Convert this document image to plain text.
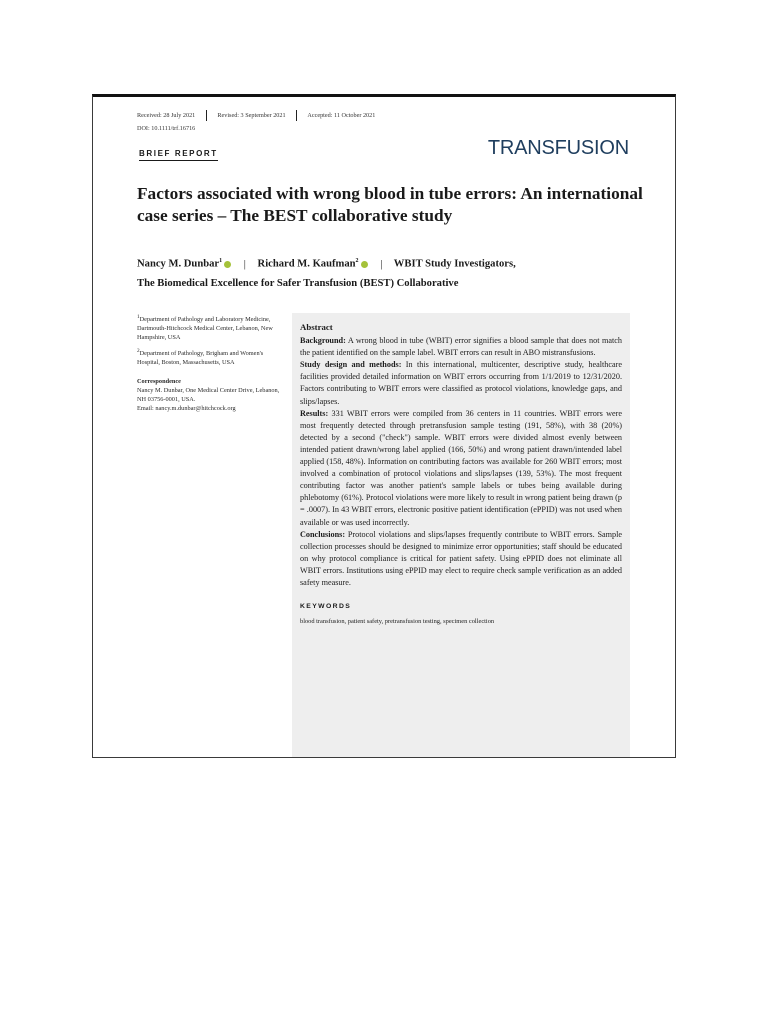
Received: 28 July 2021	Revised: 3 September 2021	Accepted: 11 October 2021
DOI: 10.1111/trf.16716
BRIEF REPORT	TRANSFUSION
Factors associated with wrong blood in tube errors: An international case series – The BEST collaborative study
Nancy M. Dunbar$^1$ | Richard M. Kaufman$^2$ | WBIT Study Investigators,
The Biomedical Excellence for Safer Transfusion (BEST) Collaborative

$^1$Department of Pathology and Laboratory Medicine, Dartmouth-Hitchcock Medical Center, Lebanon, New Hampshire, USA

$^2$Department of Pathology, Brigham and Women's Hospital, Boston, Massachusetts, USA

Correspondence

Nancy M. Dunbar, One Medical Center Drive, Lebanon, NH 03756-0001, USA.
Email: nancy.m.dunbar@hitchcock.org

Abstract

Background: A wrong blood in tube (WBIT) error signifies a blood sample that does not match the patient identified on the sample label. WBIT errors can result in ABO mistransfusions.

Study design and methods: In this international, multicenter, descriptive study, healthcare facilities provided detailed information on WBIT errors occurring from 1/1/2019 to 12/31/2020. Factors contributing to WBIT errors were classified as protocol violations, knowledge gaps, and slips/lapses.

Results: 331 WBIT errors were compiled from 36 centers in 11 countries. WBIT errors were most frequently detected through pretransfusion sample testing (191, 58%), with 38 (20%) detected by a second ("check") sample. WBIT errors were divided almost evenly between intended patient drawn/wrong label applied (166, 50%) and wrong patient drawn/intended label applied (158, 48%). Information on contributing factors was available for 260 WBIT errors; most involved a combination of protocol violations and slips/lapses (139, 53%). The most frequent contributing factor was another patient's sample labels or tubes being available during phlebotomy (61%). Protocol violations were more likely to result in wrong patient being drawn (p = .0007). In 43 WBIT errors, electronic positive patient identification (ePPID) was not used when available or was used incorrectly.

Conclusions: Protocol violations and slips/lapses frequently contribute to WBIT errors. Sample collection processes should be designed to minimize error opportunities; staff should be educated on why protocol compliance is critical for patient safety. Using ePPID does not eliminate all WBIT errors. Institutions using ePPID may elect to require check sample verification as an added safety measure.

KEYWORDS

blood transfusion, patient safety, pretransfusion testing, specimen collection
